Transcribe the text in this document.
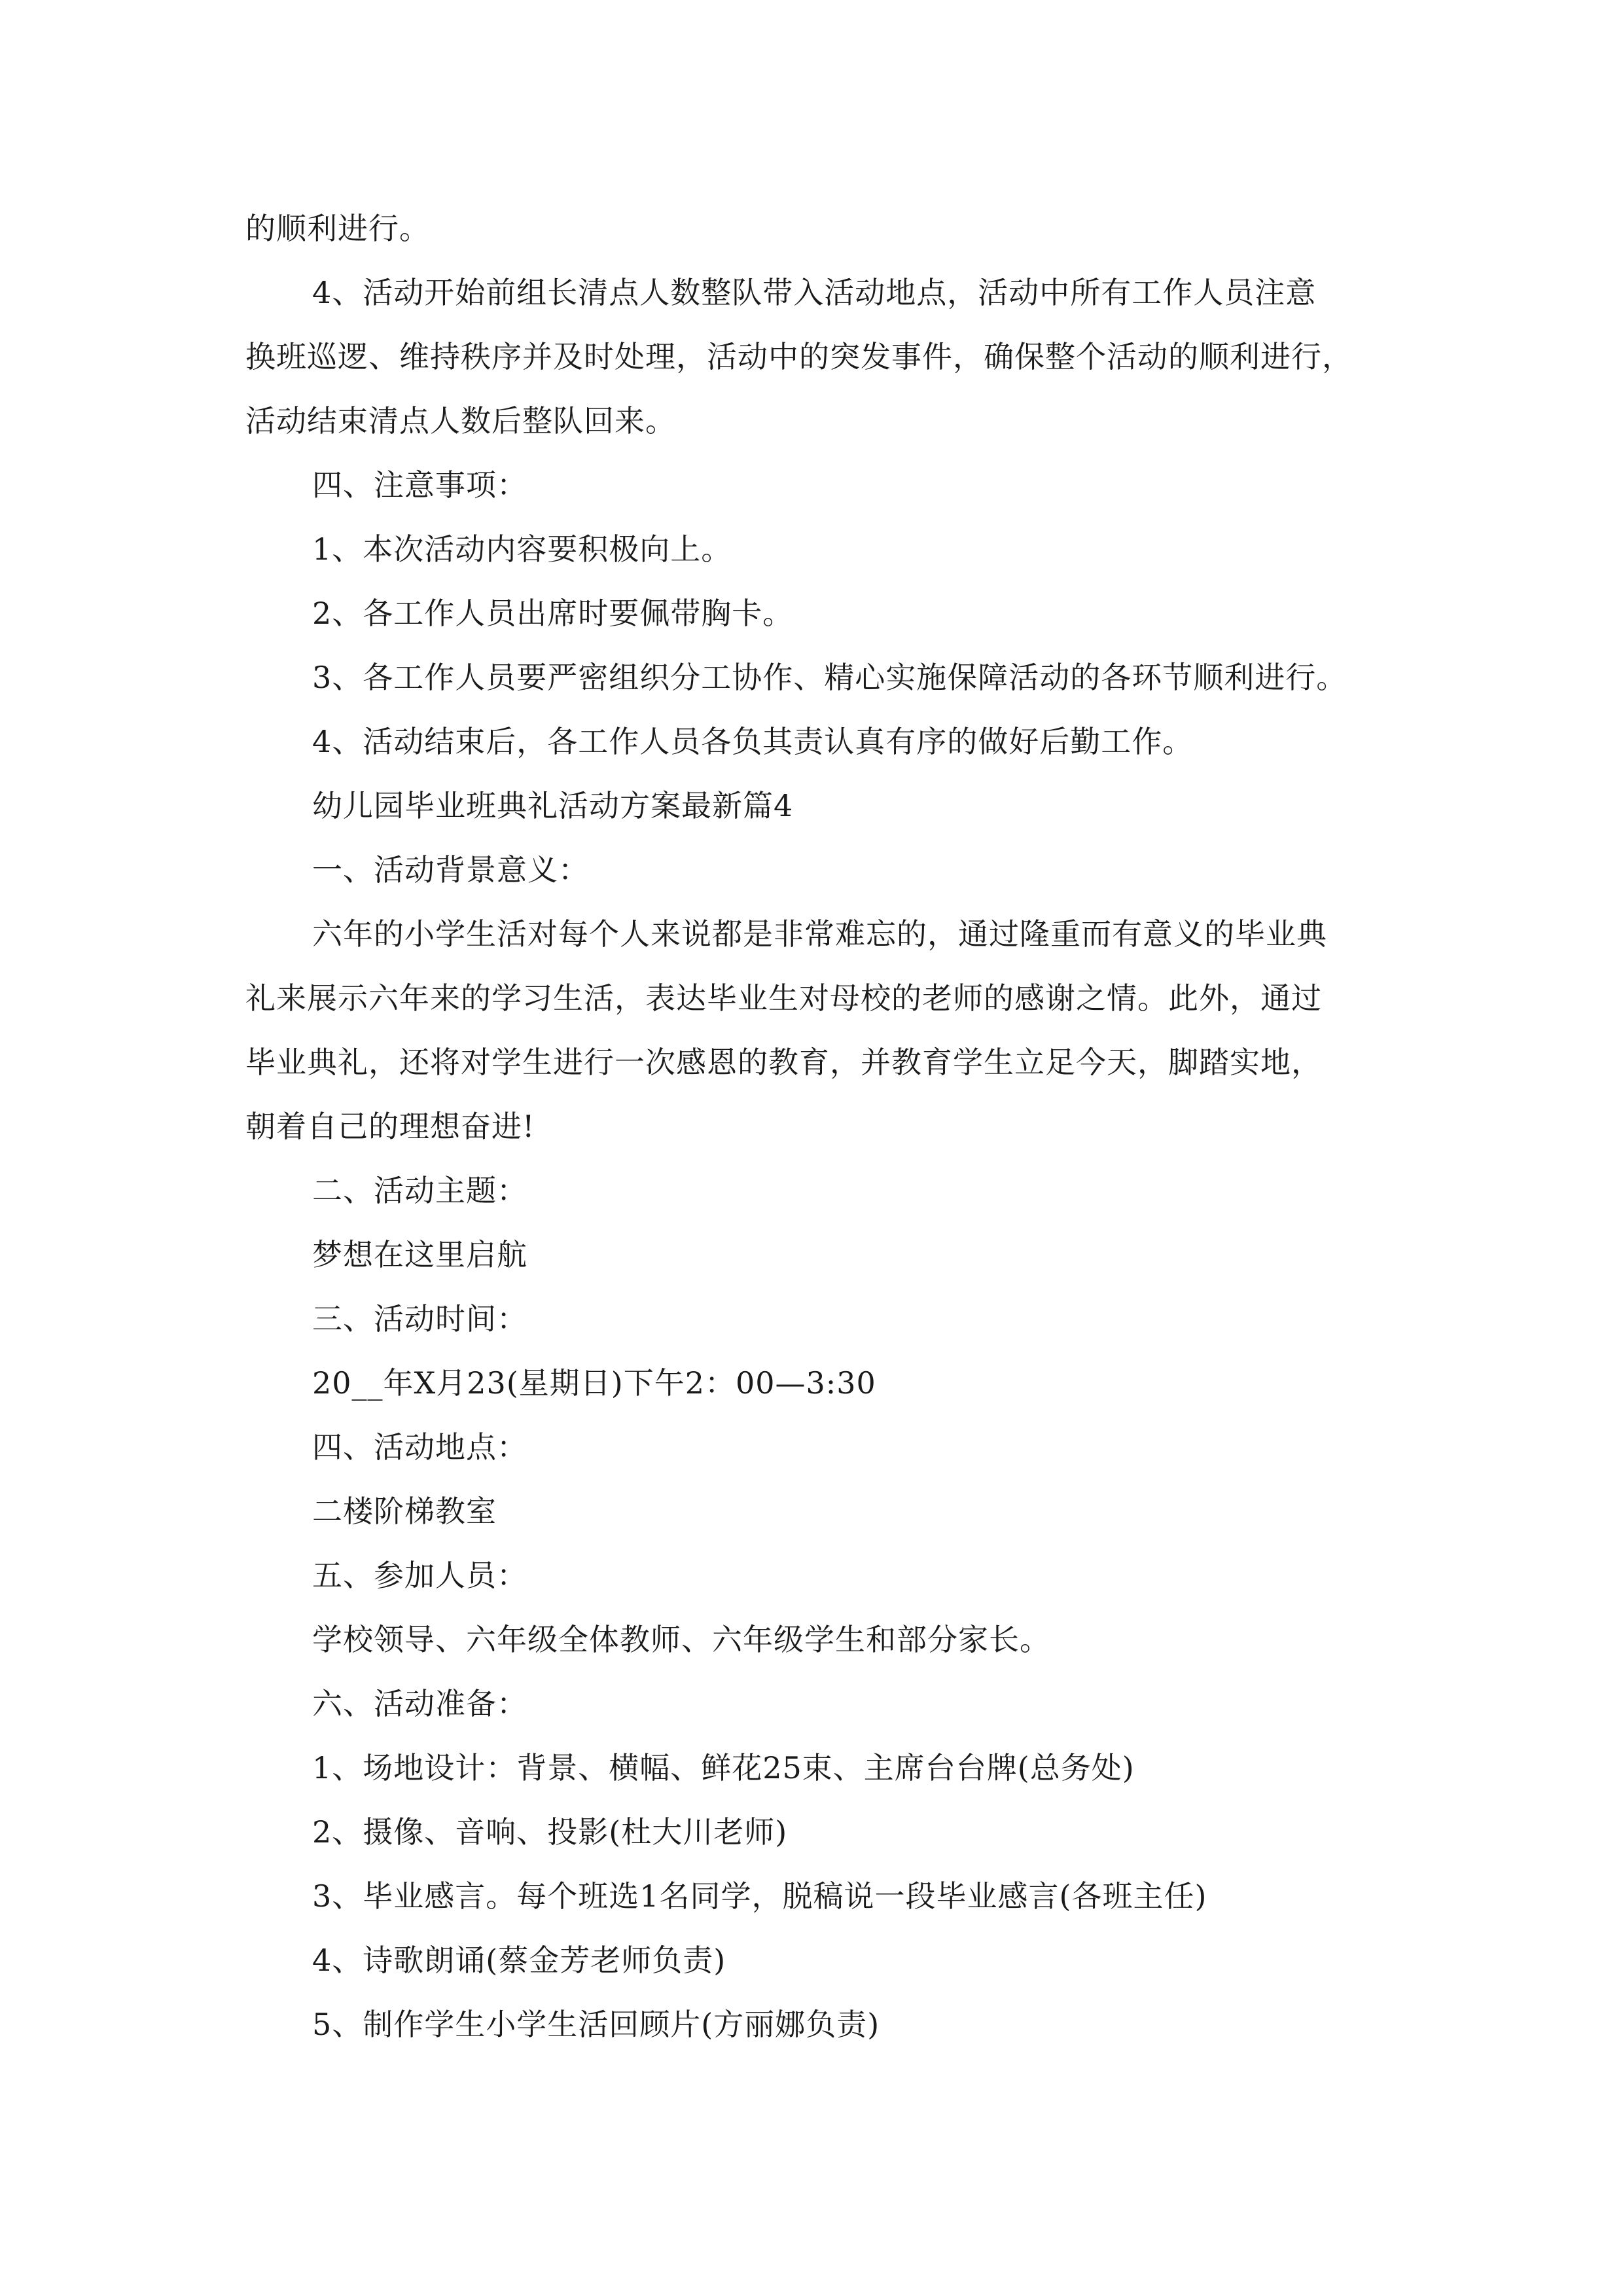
的顺利进行。
4、活动开始前组长清点人数整队带入活动地点，活动中所有工作人员注意
换班巡逻、维持秩序并及时处理，活动中的突发事件，确保整个活动的顺利进行，
活动结束清点人数后整队回来。
四、注意事项：
1、本次活动内容要积极向上。
2、各工作人员出席时要佩带胸卡。
3、各工作人员要严密组织分工协作、精心实施保障活动的各环节顺利进行。
4、活动结束后，各工作人员各负其责认真有序的做好后勤工作。
幼儿园毕业班典礼活动方案最新篇4
一、活动背景意义：
六年的小学生活对每个人来说都是非常难忘的，通过隆重而有意义的毕业典
礼来展示六年来的学习生活，表达毕业生对母校的老师的感谢之情。此外，通过
毕业典礼，还将对学生进行一次感恩的教育，并教育学生立足今天，脚踏实地，
朝着自己的理想奋进!
二、活动主题：
梦想在这里启航
三、活动时间：
20__年X月23(星期日)下午2：00—3:30
四、活动地点：
二楼阶梯教室
五、参加人员：
学校领导、六年级全体教师、六年级学生和部分家长。
六、活动准备：
1、场地设计：背景、横幅、鲜花25束、主席台台牌(总务处)
2、摄像、音响、投影(杜大川老师)
3、毕业感言。每个班选1名同学，脱稿说一段毕业感言(各班主任)
4、诗歌朗诵(蔡金芳老师负责)
5、制作学生小学生活回顾片(方丽娜负责)
